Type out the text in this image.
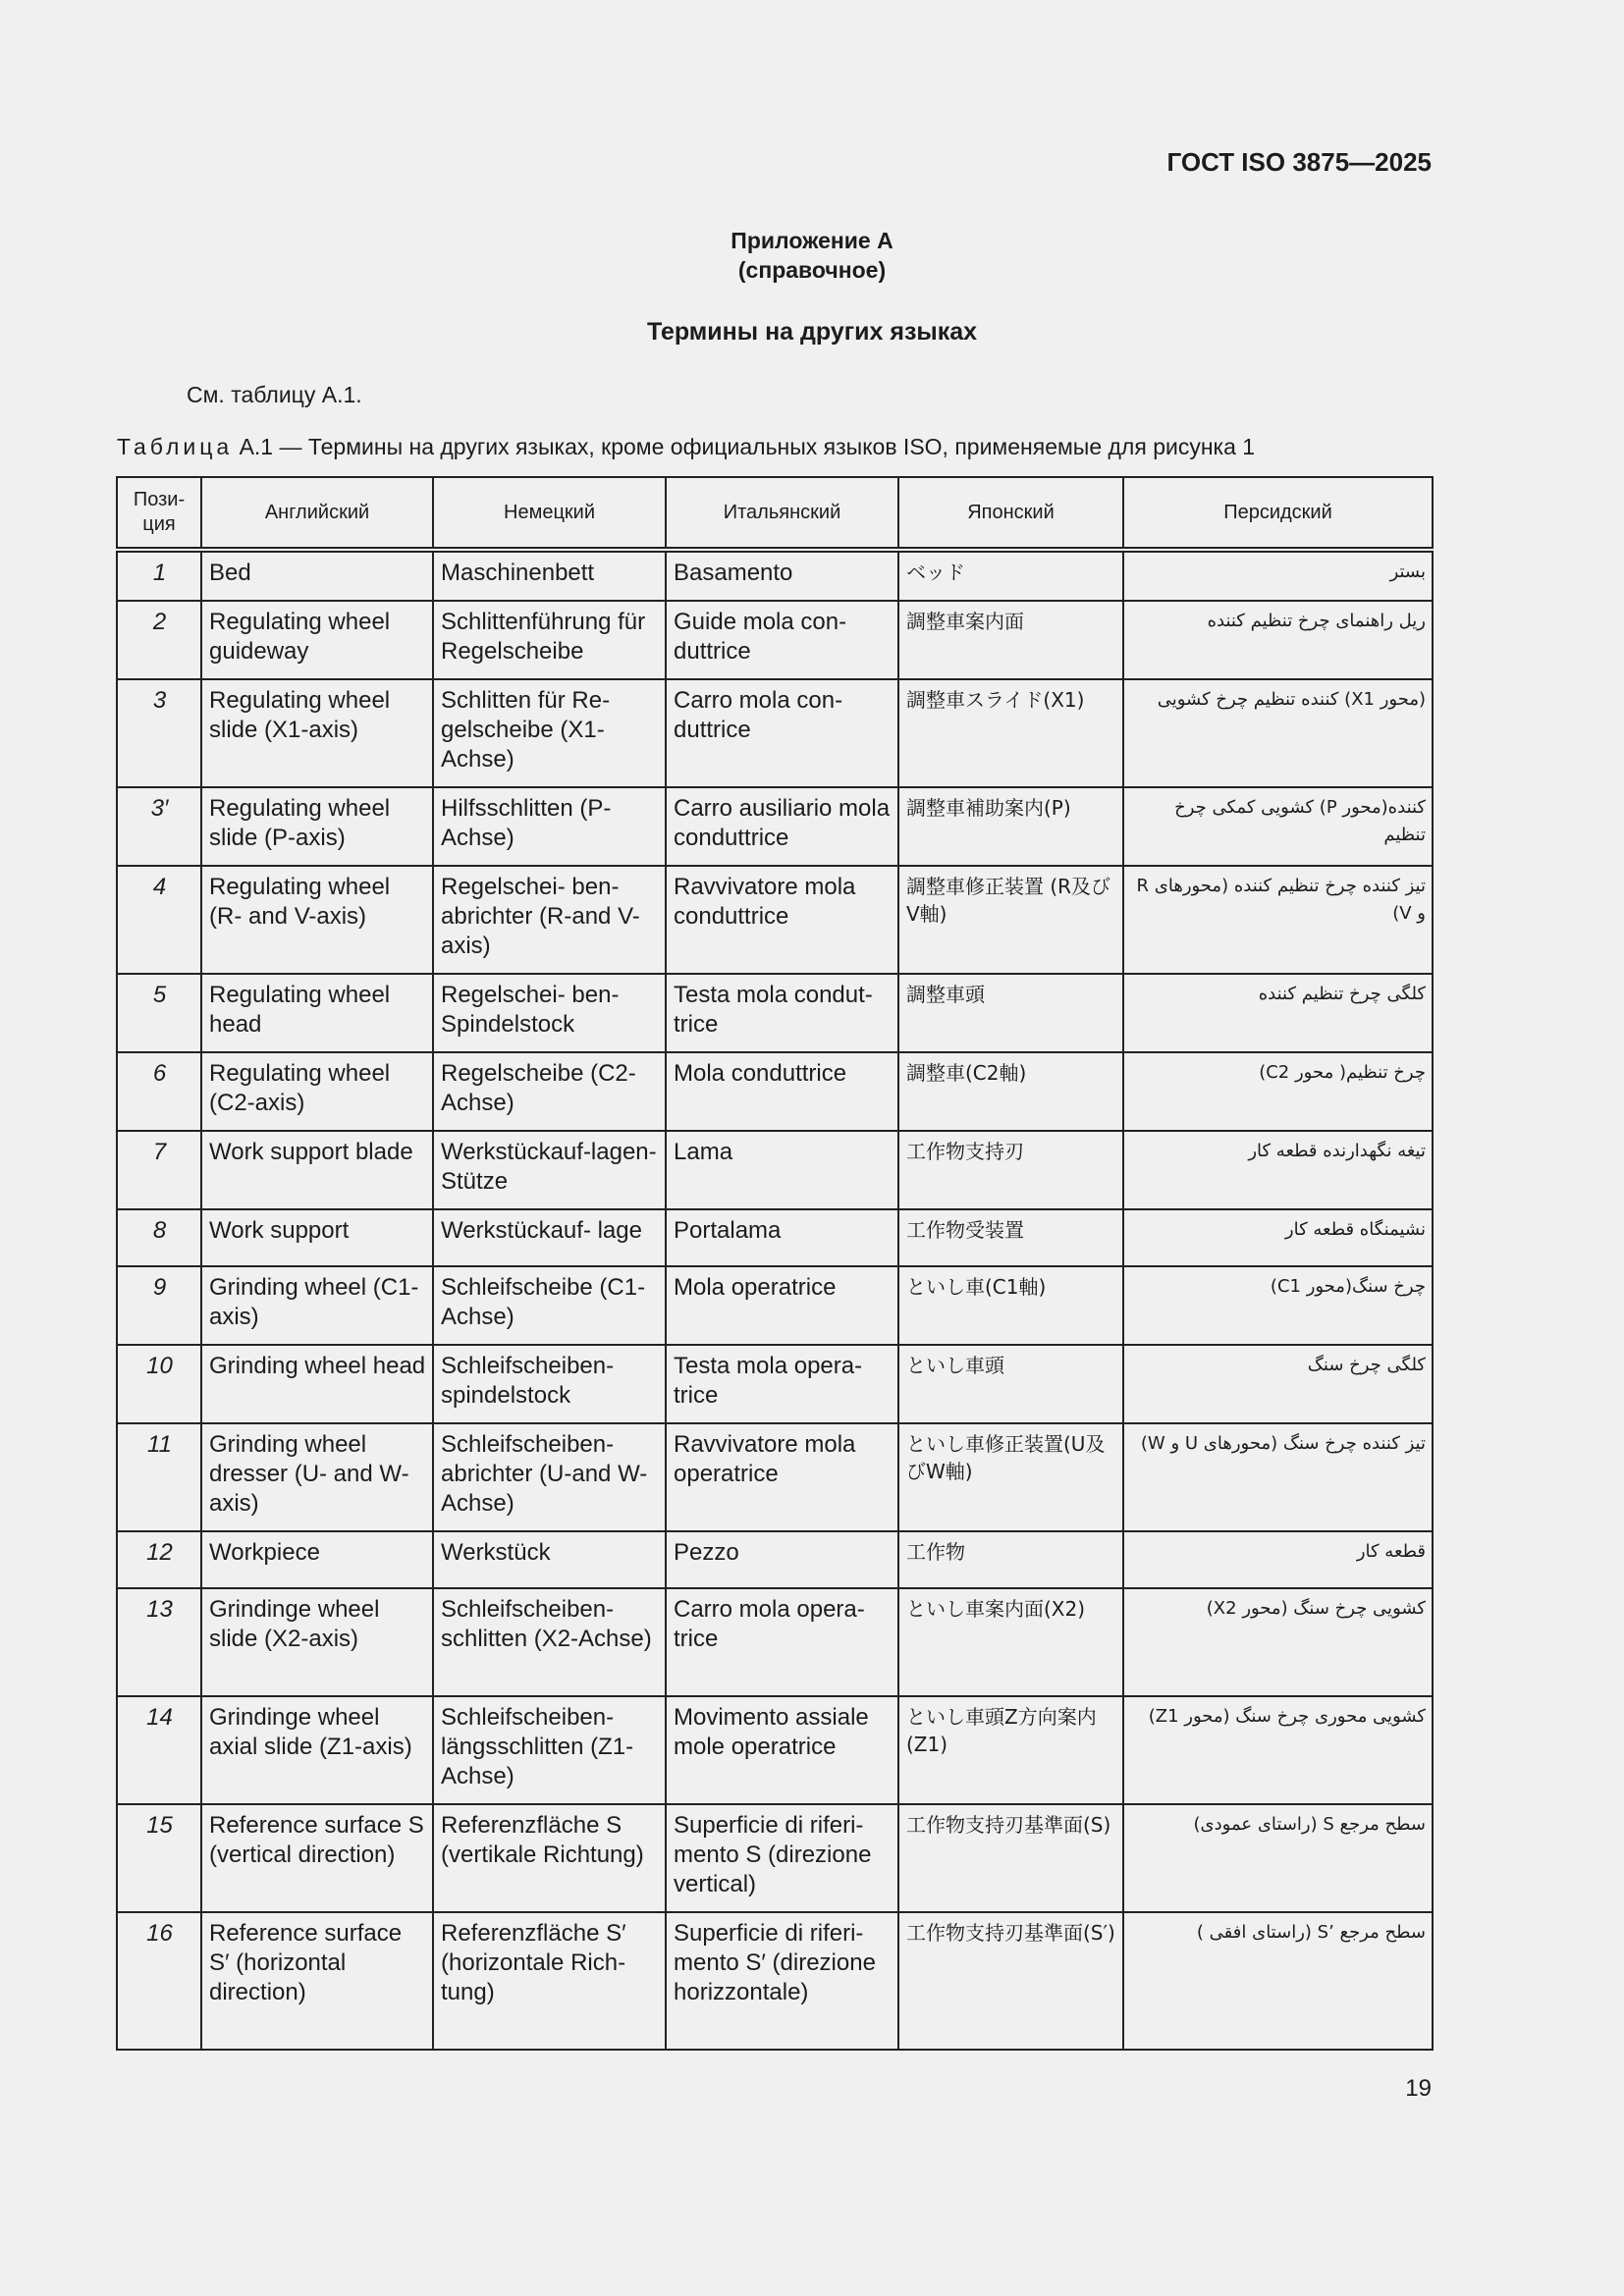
ГОСТ ISO 3875—2025
Приложение А
(справочное)
Термины на других языках
См. таблицу А.1.
Таблица А.1 — Термины на других языках, кроме официальных языков ISO, применяемые для рисунка 1
Пози-
ция	Английский	Немецкий	Итальянский	Японский	Персидский
1	Bed	Maschinenbett	Basamento	ベッド	بستر
2	Regulating wheel guideway	Schlittenführung für Regelscheibe	Guide mola con-duttrice	調整車案内面	ریل راهنمای چرخ تنظیم کننده
3	Regulating wheel slide (X1-axis)	Schlitten für Re-gelscheibe (X1-Achse)	Carro mola con-duttrice	調整車スライド(X1)	(محور X1) کننده تنظیم چرخ کشویی
3′	Regulating wheel slide (P-axis)	Hilfsschlitten (P-Achse)	Carro ausiliario mola conduttrice	調整車補助案内(P)	کننده(محور P) کشویی کمکی چرخ تنظیم
4	Regulating wheel (R- and V-axis)	Regelschei- ben-abrichter (R-and V-axis)	Ravvivatore mola conduttrice	調整車修正装置 (R及びV軸)	تیز کننده چرخ تنظیم کننده (محورهای R و V)
5	Regulating wheel head	Regelschei- ben-Spindelstock	Testa mola condut-trice	調整車頭	کلگی چرخ تنظیم کننده
6	Regulating wheel (C2-axis)	Regelscheibe (C2-Achse)	Mola conduttrice	調整車(C2軸)	چرخ تنظیم( محور C2)
7	Work support blade	Werkstückauf-lagen-Stütze	Lama	工作物支持刃	تیغه نگهدارنده قطعه کار
8	Work support	Werkstückauf- lage	Portalama	工作物受装置	نشیمنگاه قطعه کار
9	Grinding wheel (C1-axis)	Schleifscheibe (C1-Achse)	Mola operatrice	といし車(C1軸)	چرخ سنگ(محور C1)
10	Grinding wheel head	Schleifscheiben-spindelstock	Testa mola opera-trice	といし車頭	کلگی چرخ سنگ
11	Grinding wheel dresser (U- and W-axis)	Schleifscheiben-abrichter (U-and W-Achse)	Ravvivatore mola operatrice	といし車修正装置(U及びW軸)	تیز کننده چرخ سنگ (محورهای U و W)
12	Workpiece	Werkstück	Pezzo	工作物	قطعه کار
13	Grindinge wheel slide (X2-axis)	Schleifscheiben-schlitten (X2-Achse)	Carro mola opera-trice	といし車案内面(X2)	کشویی چرخ سنگ (محور X2)
14	Grindinge wheel axial slide (Z1-axis)	Schleifscheiben-längsschlitten (Z1-Achse)	Movimento assiale mole operatrice	といし車頭Z方向案内(Z1)	کشویی محوری چرخ سنگ (محور Z1)
15	Reference surface S (vertical direction)	Referenzfläche S (vertikale Richtung)	Superficie di riferi-mento S (direzione vertical)	工作物支持刃基準面(S)	سطح مرجع S (راستای عمودی)
16	Reference surface S′ (horizontal direction)	Referenzfläche S′ (horizontale Rich-tung)	Superficie di riferi-mento S′ (direzione horizzontale)	工作物支持刃基準面(S′)	سطح مرجع ’S (راستای افقی )
19
